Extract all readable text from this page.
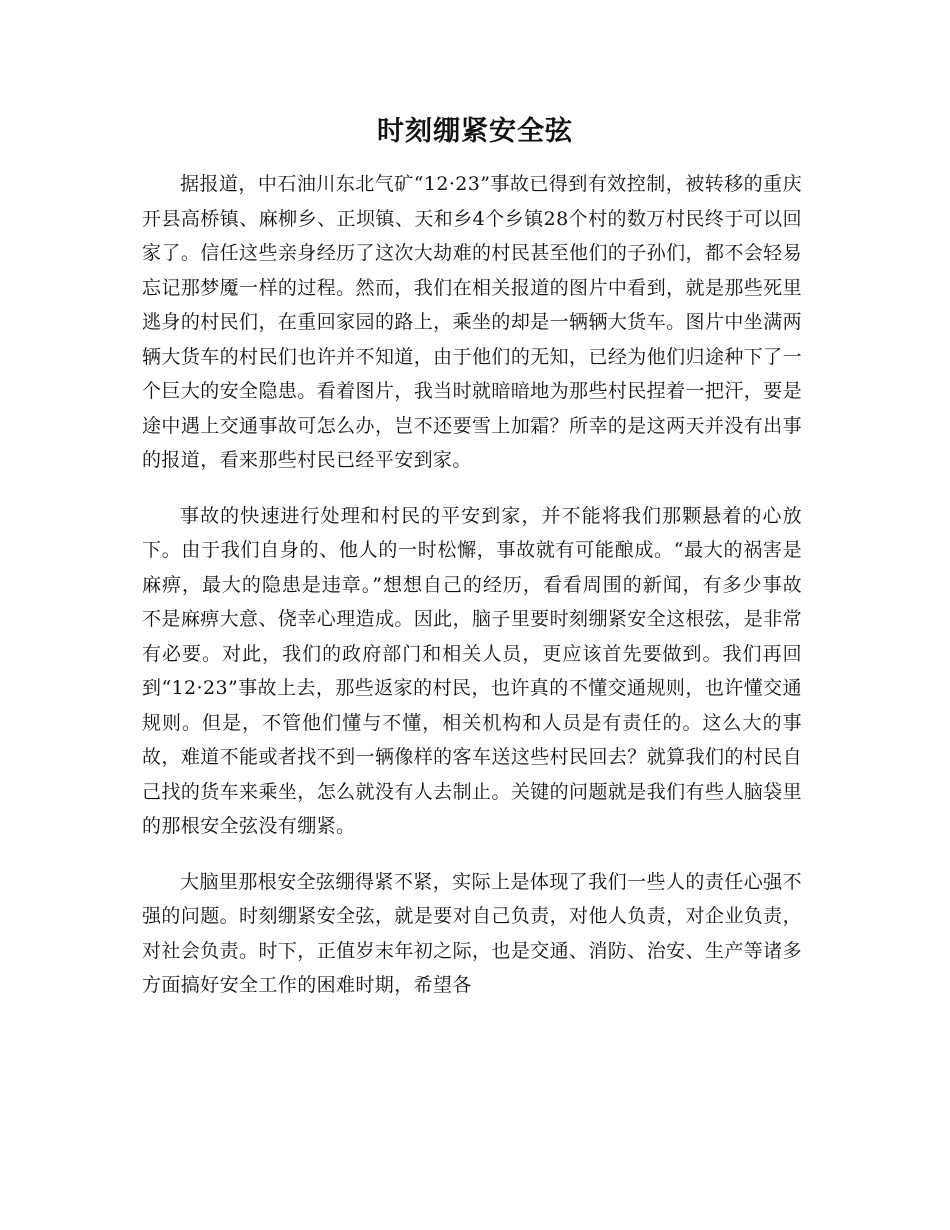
时刻绷紧安全弦

据报道，中石油川东北气矿“12·23”事故已得到有效控制，被转移的重庆开县高桥镇、麻柳乡、正坝镇、天和乡4个乡镇28个村的数万村民终于可以回家了。信任这些亲身经历了这次大劫难的村民甚至他们的子孙们，都不会轻易忘记那梦魇一样的过程。然而，我们在相关报道的图片中看到，就是那些死里逃身的村民们，在重回家园的路上，乘坐的却是一辆辆大货车。图片中坐满两辆大货车的村民们也许并不知道，由于他们的无知，已经为他们归途种下了一个巨大的安全隐患。看着图片，我当时就暗暗地为那些村民捏着一把汗，要是途中遇上交通事故可怎么办，岂不还要雪上加霜？所幸的是这两天并没有出事的报道，看来那些村民已经平安到家。

事故的快速进行处理和村民的平安到家，并不能将我们那颗悬着的心放下。由于我们自身的、他人的一时松懈，事故就有可能酿成。“最大的祸害是麻痹，最大的隐患是违章。”想想自己的经历，看看周围的新闻，有多少事故不是麻痹大意、侥幸心理造成。因此，脑子里要时刻绷紧安全这根弦，是非常有必要。对此，我们的政府部门和相关人员，更应该首先要做到。我们再回到“12·23”事故上去，那些返家的村民，也许真的不懂交通规则，也许懂交通规则。但是，不管他们懂与不懂，相关机构和人员是有责任的。这么大的事故，难道不能或者找不到一辆像样的客车送这些村民回去？就算我们的村民自己找的货车来乘坐，怎么就没有人去制止。关键的问题就是我们有些人脑袋里的那根安全弦没有绷紧。

大脑里那根安全弦绷得紧不紧，实际上是体现了我们一些人的责任心强不强的问题。时刻绷紧安全弦，就是要对自己负责，对他人负责，对企业负责，对社会负责。时下，正值岁末年初之际，也是交通、消防、治安、生产等诸多方面搞好安全工作的困难时期，希望各
